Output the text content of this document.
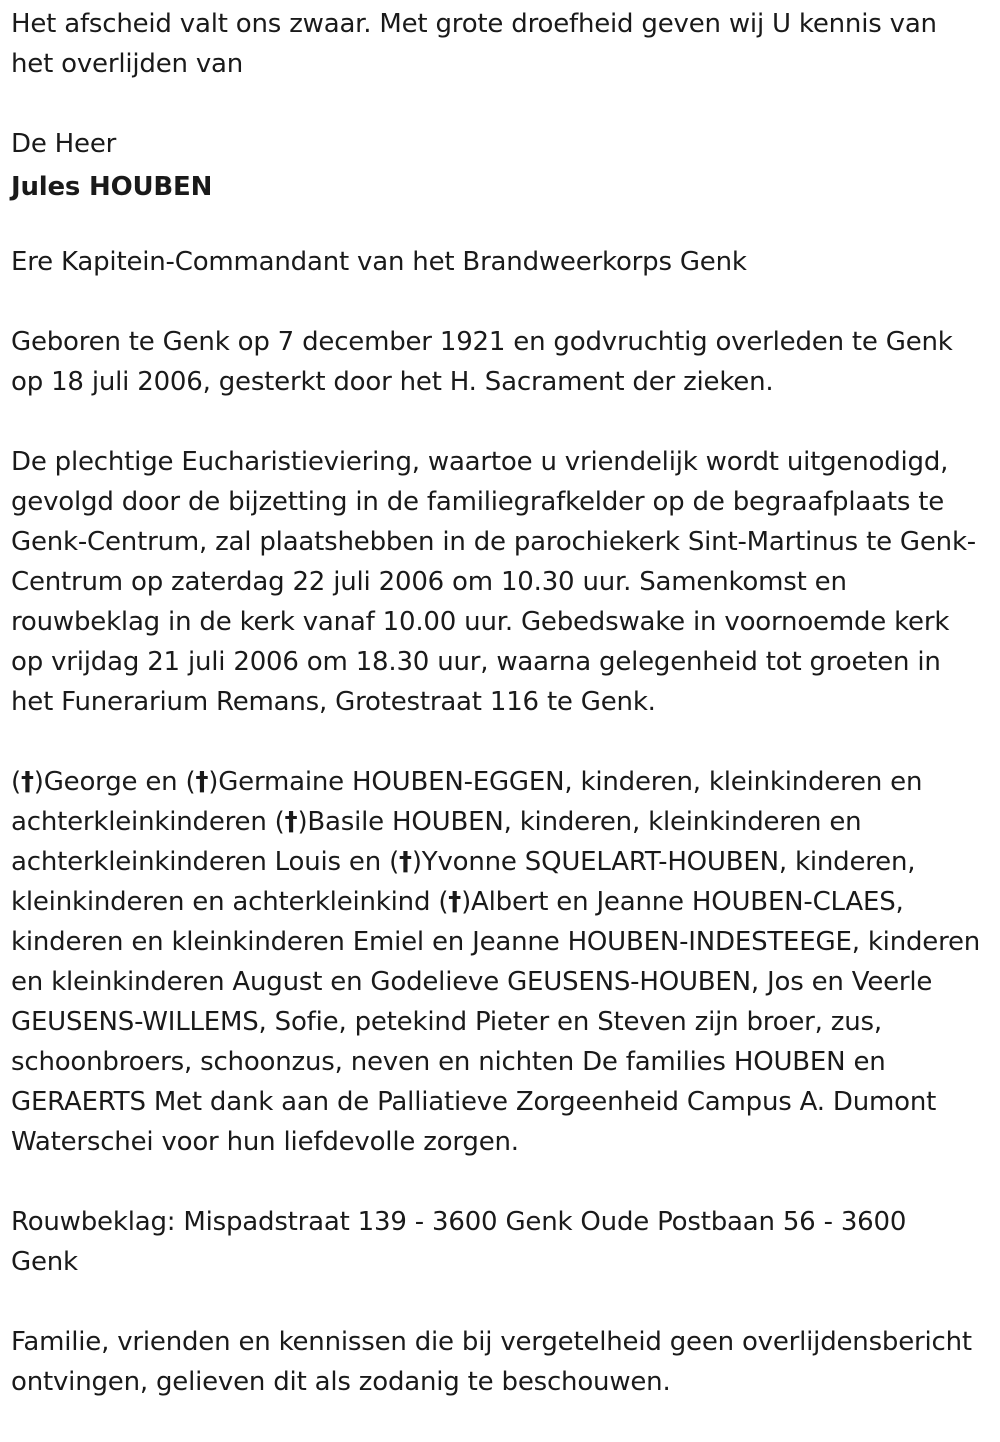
Het afscheid valt ons zwaar. Met grote droefheid geven wij U kennis van het overlijden van

De Heer

Jules HOUBEN

Ere Kapitein-Commandant van het Brandweerkorps Genk

Geboren te Genk op 7 december 1921 en godvruchtig overleden te Genk op 18 juli 2006, gesterkt door het H. Sacrament der zieken.

De plechtige Eucharistieviering, waartoe u vriendelijk wordt uitgenodigd, gevolgd door de bijzetting in de familiegrafkelder op de begraafplaats te Genk-Centrum, zal plaatshebben in de parochiekerk Sint-Martinus te Genk-Centrum op zaterdag 22 juli 2006 om 10.30 uur. Samenkomst en rouwbeklag in de kerk vanaf 10.00 uur. Gebedswake in voornoemde kerk op vrijdag 21 juli 2006 om 18.30 uur, waarna gelegenheid tot groeten in het Funerarium Remans, Grotestraat 116 te Genk.

(†)George en (†)Germaine HOUBEN-EGGEN, kinderen, kleinkinderen en achterkleinkinderen (†)Basile HOUBEN, kinderen, kleinkinderen en achterkleinkinderen Louis en (†)Yvonne SQUELART-HOUBEN, kinderen, kleinkinderen en achterkleinkind (†)Albert en Jeanne HOUBEN-CLAES, kinderen en kleinkinderen Emiel en Jeanne HOUBEN-INDESTEEGE, kinderen en kleinkinderen August en Godelieve GEUSENS-HOUBEN, Jos en Veerle GEUSENS-WILLEMS, Sofie, petekind Pieter en Steven zijn broer, zus, schoonbroers, schoonzus, neven en nichten De families HOUBEN en GERAERTS Met dank aan de Palliatieve Zorgeenheid Campus A. Dumont Waterschei voor hun liefdevolle zorgen.

Rouwbeklag: Mispadstraat 139 - 3600 Genk Oude Postbaan 56 - 3600 Genk

Familie, vrienden en kennissen die bij vergetelheid geen overlijdensbericht ontvingen, gelieven dit als zodanig te beschouwen.
